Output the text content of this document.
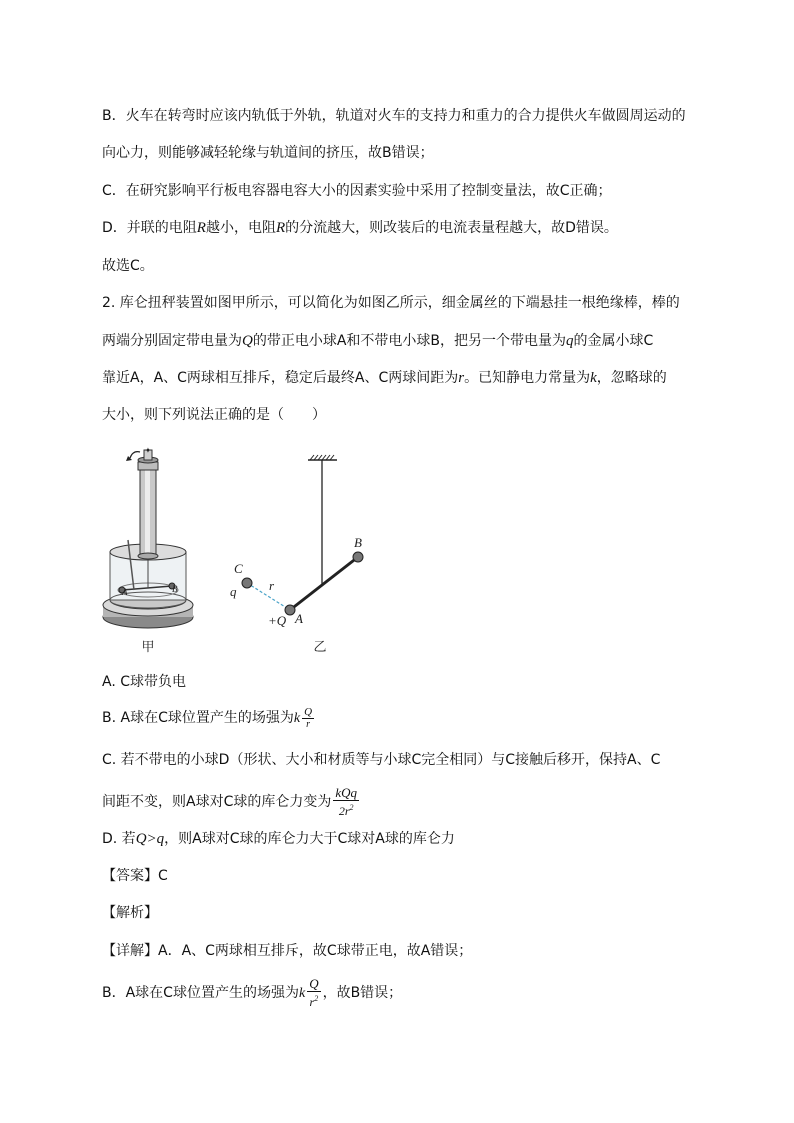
B．火车在转弯时应该内轨低于外轨，轨道对火车的支持力和重力的合力提供火车做圆周运动的
向心力，则能够减轻轮缘与轨道间的挤压，故B错误；
C．在研究影响平行板电容器电容大小的因素实验中采用了控制变量法，故C正确；
D．并联的电阻R越小，电阻R的分流越大，则改装后的电流表量程越大，故D错误。
故选C。
2. 库仑扭秤装置如图甲所示，可以简化为如图乙所示，细金属丝的下端悬挂一根绝缘棒，棒的
两端分别固定带电量为Q的带正电小球A和不带电小球B，把另一个带电量为q的金属小球C
靠近A，A、C两球相互排斥，稳定后最终A、C两球间距为r。已知静电力常量为k，忽略球的
大小，则下列说法正确的是（　　）
✦
A	B
甲
C
q	r
B
A
+Q
乙
A. C球带负电
B. A球在C球位置产生的场强为k $\frac{Q}{r}$
C. 若不带电的小球D（形状、大小和材质等与小球C完全相同）与C接触后移开，保持A、C
间距不变，则A球对C球的库仑力变为 $\frac{\text{kQq}}{2r^2}$
D. 若Q>q，则A球对C球的库仑力大于C球对A球的库仑力
【答案】C
【解析】
【详解】A．A、C两球相互排斥，故C球带正电，故A错误；
B．A球在C球位置产生的场强为k $\frac{Q}{r^2}$ ，故B错误；
